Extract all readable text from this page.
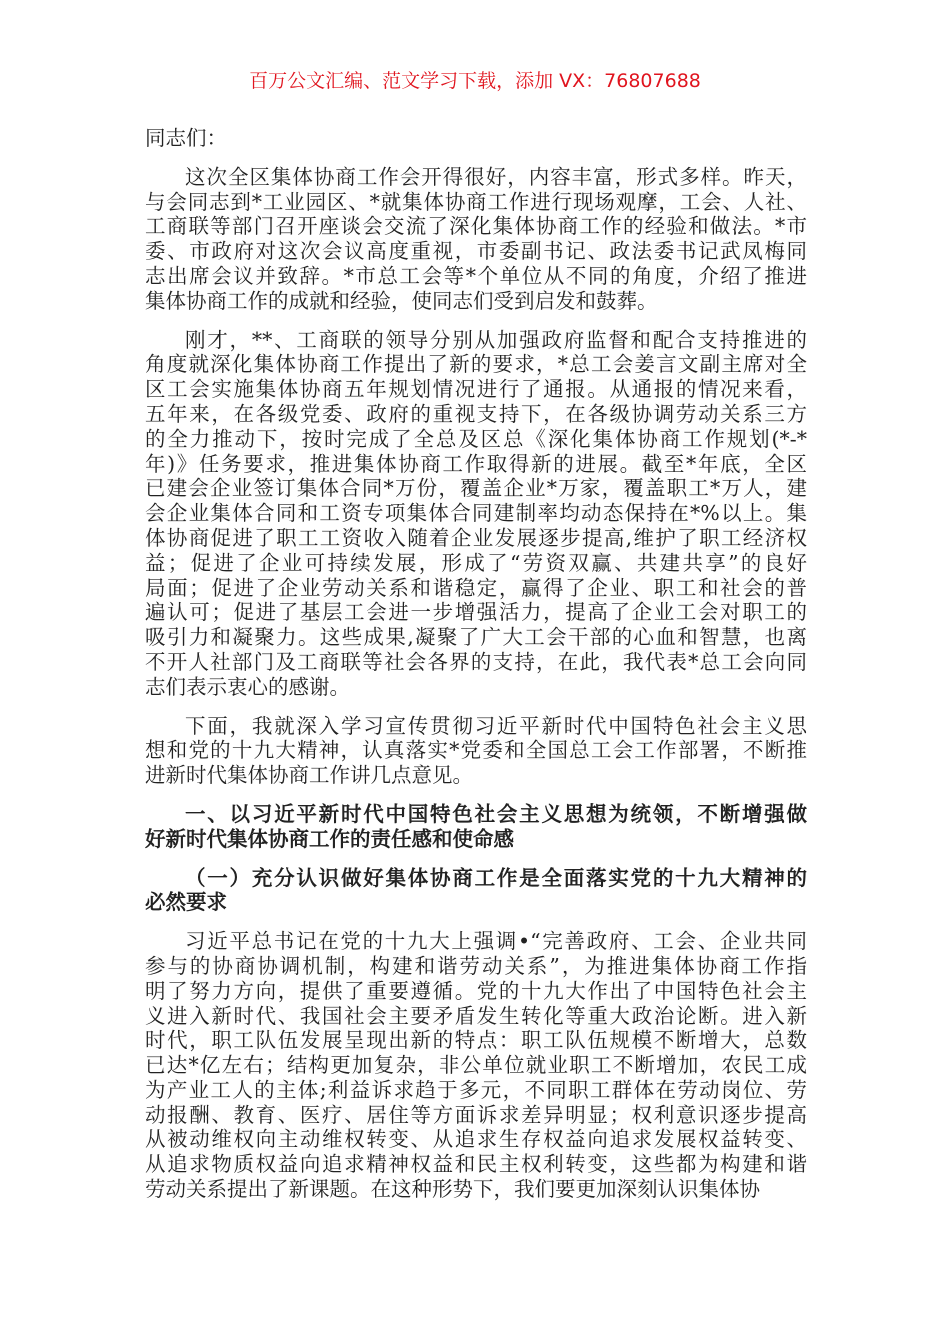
百万公文汇编、范文学习下载，添加 VX：76807688
同志们：
这次全区集体协商工作会开得很好，内容丰富，形式多样。昨天，
与会同志到*工业园区、*就集体协商工作进行现场观摩，工会、人社、
工商联等部门召开座谈会交流了深化集体协商工作的经验和做法。*市
委、市政府对这次会议高度重视，市委副书记、政法委书记武凤梅同
志出席会议并致辞。*市总工会等*个单位从不同的角度，介绍了推进
集体协商工作的成就和经验，使同志们受到启发和鼓葬。
刚才，**、工商联的领导分别从加强政府监督和配合支持推进的
角度就深化集体协商工作提出了新的要求，*总工会姜言文副主席对全
区工会实施集体协商五年规划情况进行了通报。从通报的情况来看，
五年来，在各级党委、政府的重视支持下，在各级协调劳动关系三方
的全力推动下，按时完成了全总及区总《深化集体协商工作规划(*-*
年)》任务要求，推进集体协商工作取得新的进展。截至*年底，全区
已建会企业签订集体合同*万份，覆盖企业*万家，覆盖职工*万人，建
会企业集体合同和工资专项集体合同建制率均动态保持在*%以上。集
体协商促进了职工工资收入随着企业发展逐步提高,维护了职工经济权
益；促进了企业可持续发展，形成了“劳资双赢、共建共享”的良好
局面；促进了企业劳动关系和谐稳定，赢得了企业、职工和社会的普
遍认可；促进了基层工会进一步增强活力，提高了企业工会对职工的
吸引力和凝聚力。这些成果,凝聚了广大工会干部的心血和智慧，也离
不开人社部门及工商联等社会各界的支持，在此，我代表*总工会向同
志们表示衷心的感谢。
下面，我就深入学习宣传贯彻习近平新时代中国特色社会主义思
想和党的十九大精神，认真落实*党委和全国总工会工作部署，不断推
进新时代集体协商工作讲几点意见。
一、以习近平新时代中国特色社会主义思想为统领，不断增强做
好新时代集体协商工作的责任感和使命感
（一）充分认识做好集体协商工作是全面落实党的十九大精神的
必然要求
习近平总书记在党的十九大上强调•“完善政府、工会、企业共同
参与的协商协调机制，构建和谐劳动关系”，为推进集体协商工作指
明了努力方向，提供了重要遵循。党的十九大作出了中国特色社会主
义进入新时代、我国社会主要矛盾发生转化等重大政治论断。进入新
时代，职工队伍发展呈现出新的特点：职工队伍规模不断增大，总数
已达*亿左右；结构更加复杂，非公单位就业职工不断增加，农民工成
为产业工人的主体;利益诉求趋于多元，不同职工群体在劳动岗位、劳
动报酬、教育、医疗、居住等方面诉求差异明显；权利意识逐步提高
从被动维权向主动维权转变、从追求生存权益向追求发展权益转变、
从追求物质权益向追求精神权益和民主权利转变，这些都为构建和谐
劳动关系提出了新课题。在这种形势下，我们要更加深刻认识集体协
